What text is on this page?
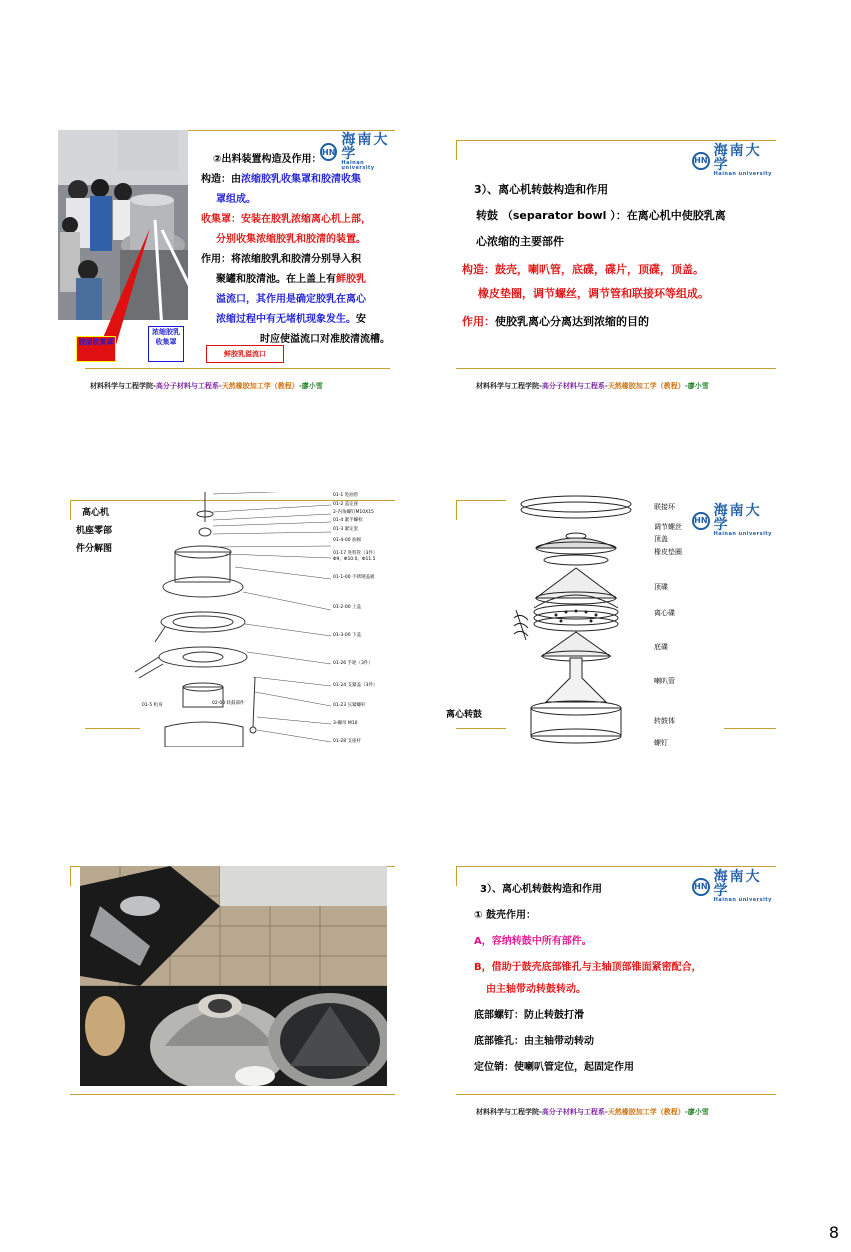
胶清收集罩
浓缩胶乳收集罩
鲜胶乳溢流口
HN
海南大学
Hainan university
②出料装置构造及作用：
构造：由浓缩胶乳收集罩和胶清收集
罩组成。
收集罩：安装在胶乳浓缩离心机上部，
分别收集浓缩胶乳和胶清的装置。
作用：将浓缩胶乳和胶清分别导入积
聚罐和胶清池。在上盖上有鲜胶乳
溢流口，其作用是确定胶乳在离心
浓缩过程中有无堵机现象发生。安
时应使溢流口对准胶清流槽。
材料科学与工程学院-高分子材料与工程系-天然橡胶加工学（教程）-廖小雪
HN
海南大学
Hainan university
3）、离心机转鼓构造和作用
转鼓 （separator bowl ）：在离心机中使胶乳离
心浓缩的主要部件
构造：鼓壳，喇叭管，底碟，碟片，顶碟，顶盖。
橡皮垫圈，调节螺丝，调节管和联接环等组成。
作用：使胶乳离心分离达到浓缩的目的
材料科学与工程学院-高分子材料与工程系-天然橡胶加工学（教程）-廖小雪
高心机
机座零部
件分解图
01-1 进油管
01-2 盖定座
2-内角螺钉M10X15
01-4 紧手螺栓
01-3 紧定套
01-4-00 油阀
01-17 进料管（3件）
Φ9、Φ10.0、Φ11.5
01-1-00 不锈钢盖板
01-2-00 上盖
01-3-00 下盖
01-26 手轮（3件）
01-24 支紧盖（3件）
01-23 压紧螺杆
3-螺母 M10
01-28 支座杆
01-5 机身	02-00 转鼓部件
HN
海南大学
Hainan university
联接环
调节螺丝
顶盖
橡皮垫圈
顶碟
离心碟
底碟
喇叭管
转鼓体
螺钉
离心转鼓
HN
海南大学
Hainan university
3）、离心机转鼓构造和作用
① 鼓壳作用：
A，容纳转鼓中所有部件。
B，借助于鼓壳底部锥孔与主轴顶部锥面紧密配合，
由主轴带动转鼓转动。
底部螺钉：防止转鼓打滑
底部锥孔：由主轴带动转动
定位销：使喇叭管定位，起固定作用
材料科学与工程学院-高分子材料与工程系-天然橡胶加工学（教程）-廖小雪
8
